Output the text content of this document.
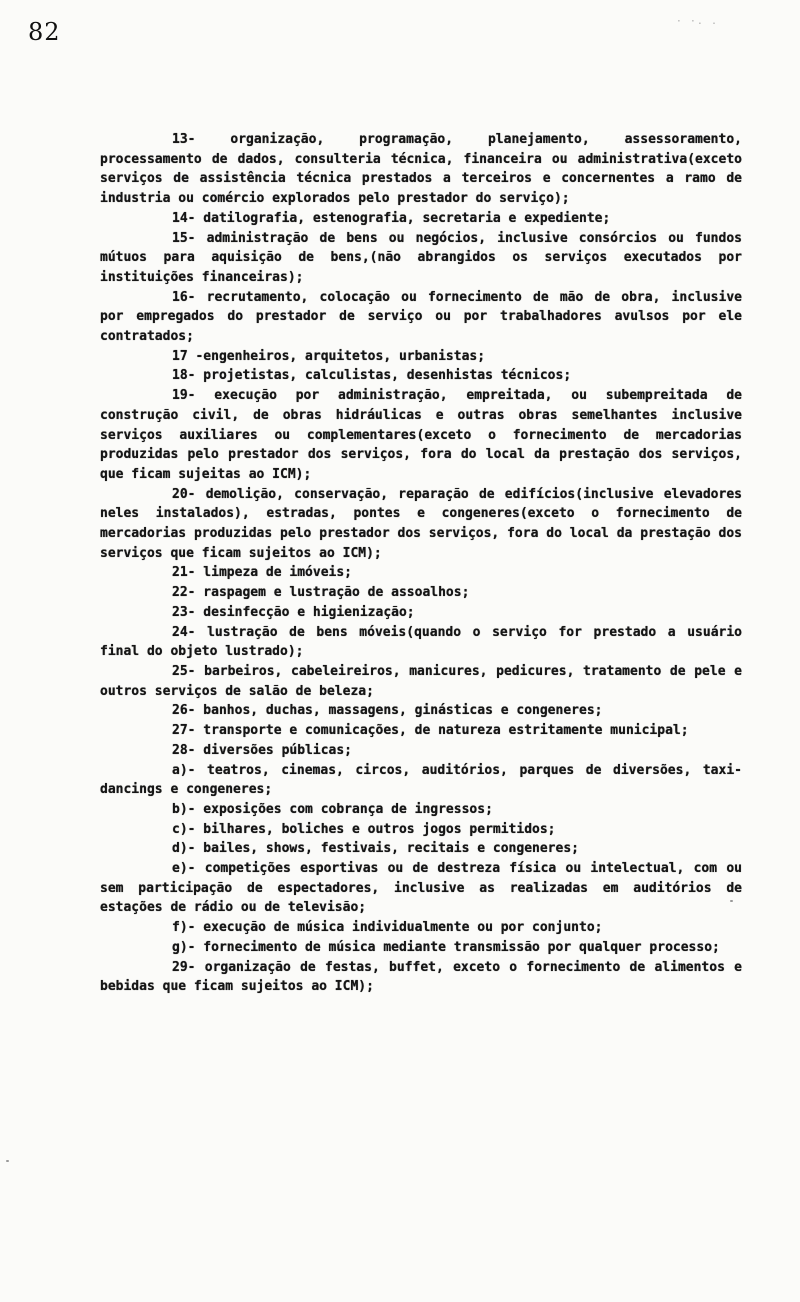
82	· ·. .

13- organização, programação, planejamento, assessoramento, processamento de dados, consulteria técnica, financeira ou administrativa(exceto serviços de assistência técnica prestados a terceiros e concernentes a ramo de industria ou comércio explorados pelo prestador do serviço);

14- datilografia, estenografia, secretaria e expediente;

15- administração de bens ou negócios, inclusive consórcios ou fundos mútuos para aquisição de bens,(não abrangidos os serviços executados por instituições financeiras);

16- recrutamento, colocação ou fornecimento de mão de obra, inclusive por empregados do prestador de serviço ou por trabalhadores avulsos por ele contratados;

17 -engenheiros, arquitetos, urbanistas;

18- projetistas, calculistas, desenhistas técnicos;

19- execução por administração, empreitada, ou subempreitada de construção civil, de obras hidráulicas e outras obras semelhantes inclusive serviços auxiliares ou complementares(exceto o fornecimento de mercadorias produzidas pelo prestador dos serviços, fora do local da prestação dos serviços, que ficam sujeitas ao ICM);

20- demolição, conservação, reparação de edifícios(inclusive elevadores neles instalados), estradas, pontes e congeneres(exceto o fornecimento de mercadorias produzidas pelo prestador dos serviços, fora do local da prestação dos serviços que ficam sujeitos ao ICM);

21- limpeza de imóveis;

22- raspagem e lustração de assoalhos;

23- desinfecção e higienização;

24- lustração de bens móveis(quando o serviço for prestado a usuário final do objeto lustrado);

25- barbeiros, cabeleireiros, manicures, pedicures, tratamento de pele e outros serviços de salão de beleza;

26- banhos, duchas, massagens, ginásticas e congeneres;

27- transporte e comunicações, de natureza estritamente municipal;

28- diversões públicas;

a)- teatros, cinemas, circos, auditórios, parques de diversões, taxi-dancings e congeneres;

b)- exposições com cobrança de ingressos;

c)- bilhares, boliches e outros jogos permitidos;

d)- bailes, shows, festivais, recitais e congeneres;

e)- competições esportivas ou de destreza física ou intelectual, com ou sem participação de espectadores, inclusive as realizadas em auditórios de estações de rádio ou de televisão;

f)- execução de música individualmente ou por conjunto;

g)- fornecimento de música mediante transmissão por qualquer processo;

29- organização de festas, buffet, exceto o fornecimento de alimentos e bebidas que ficam sujeitos ao ICM);
